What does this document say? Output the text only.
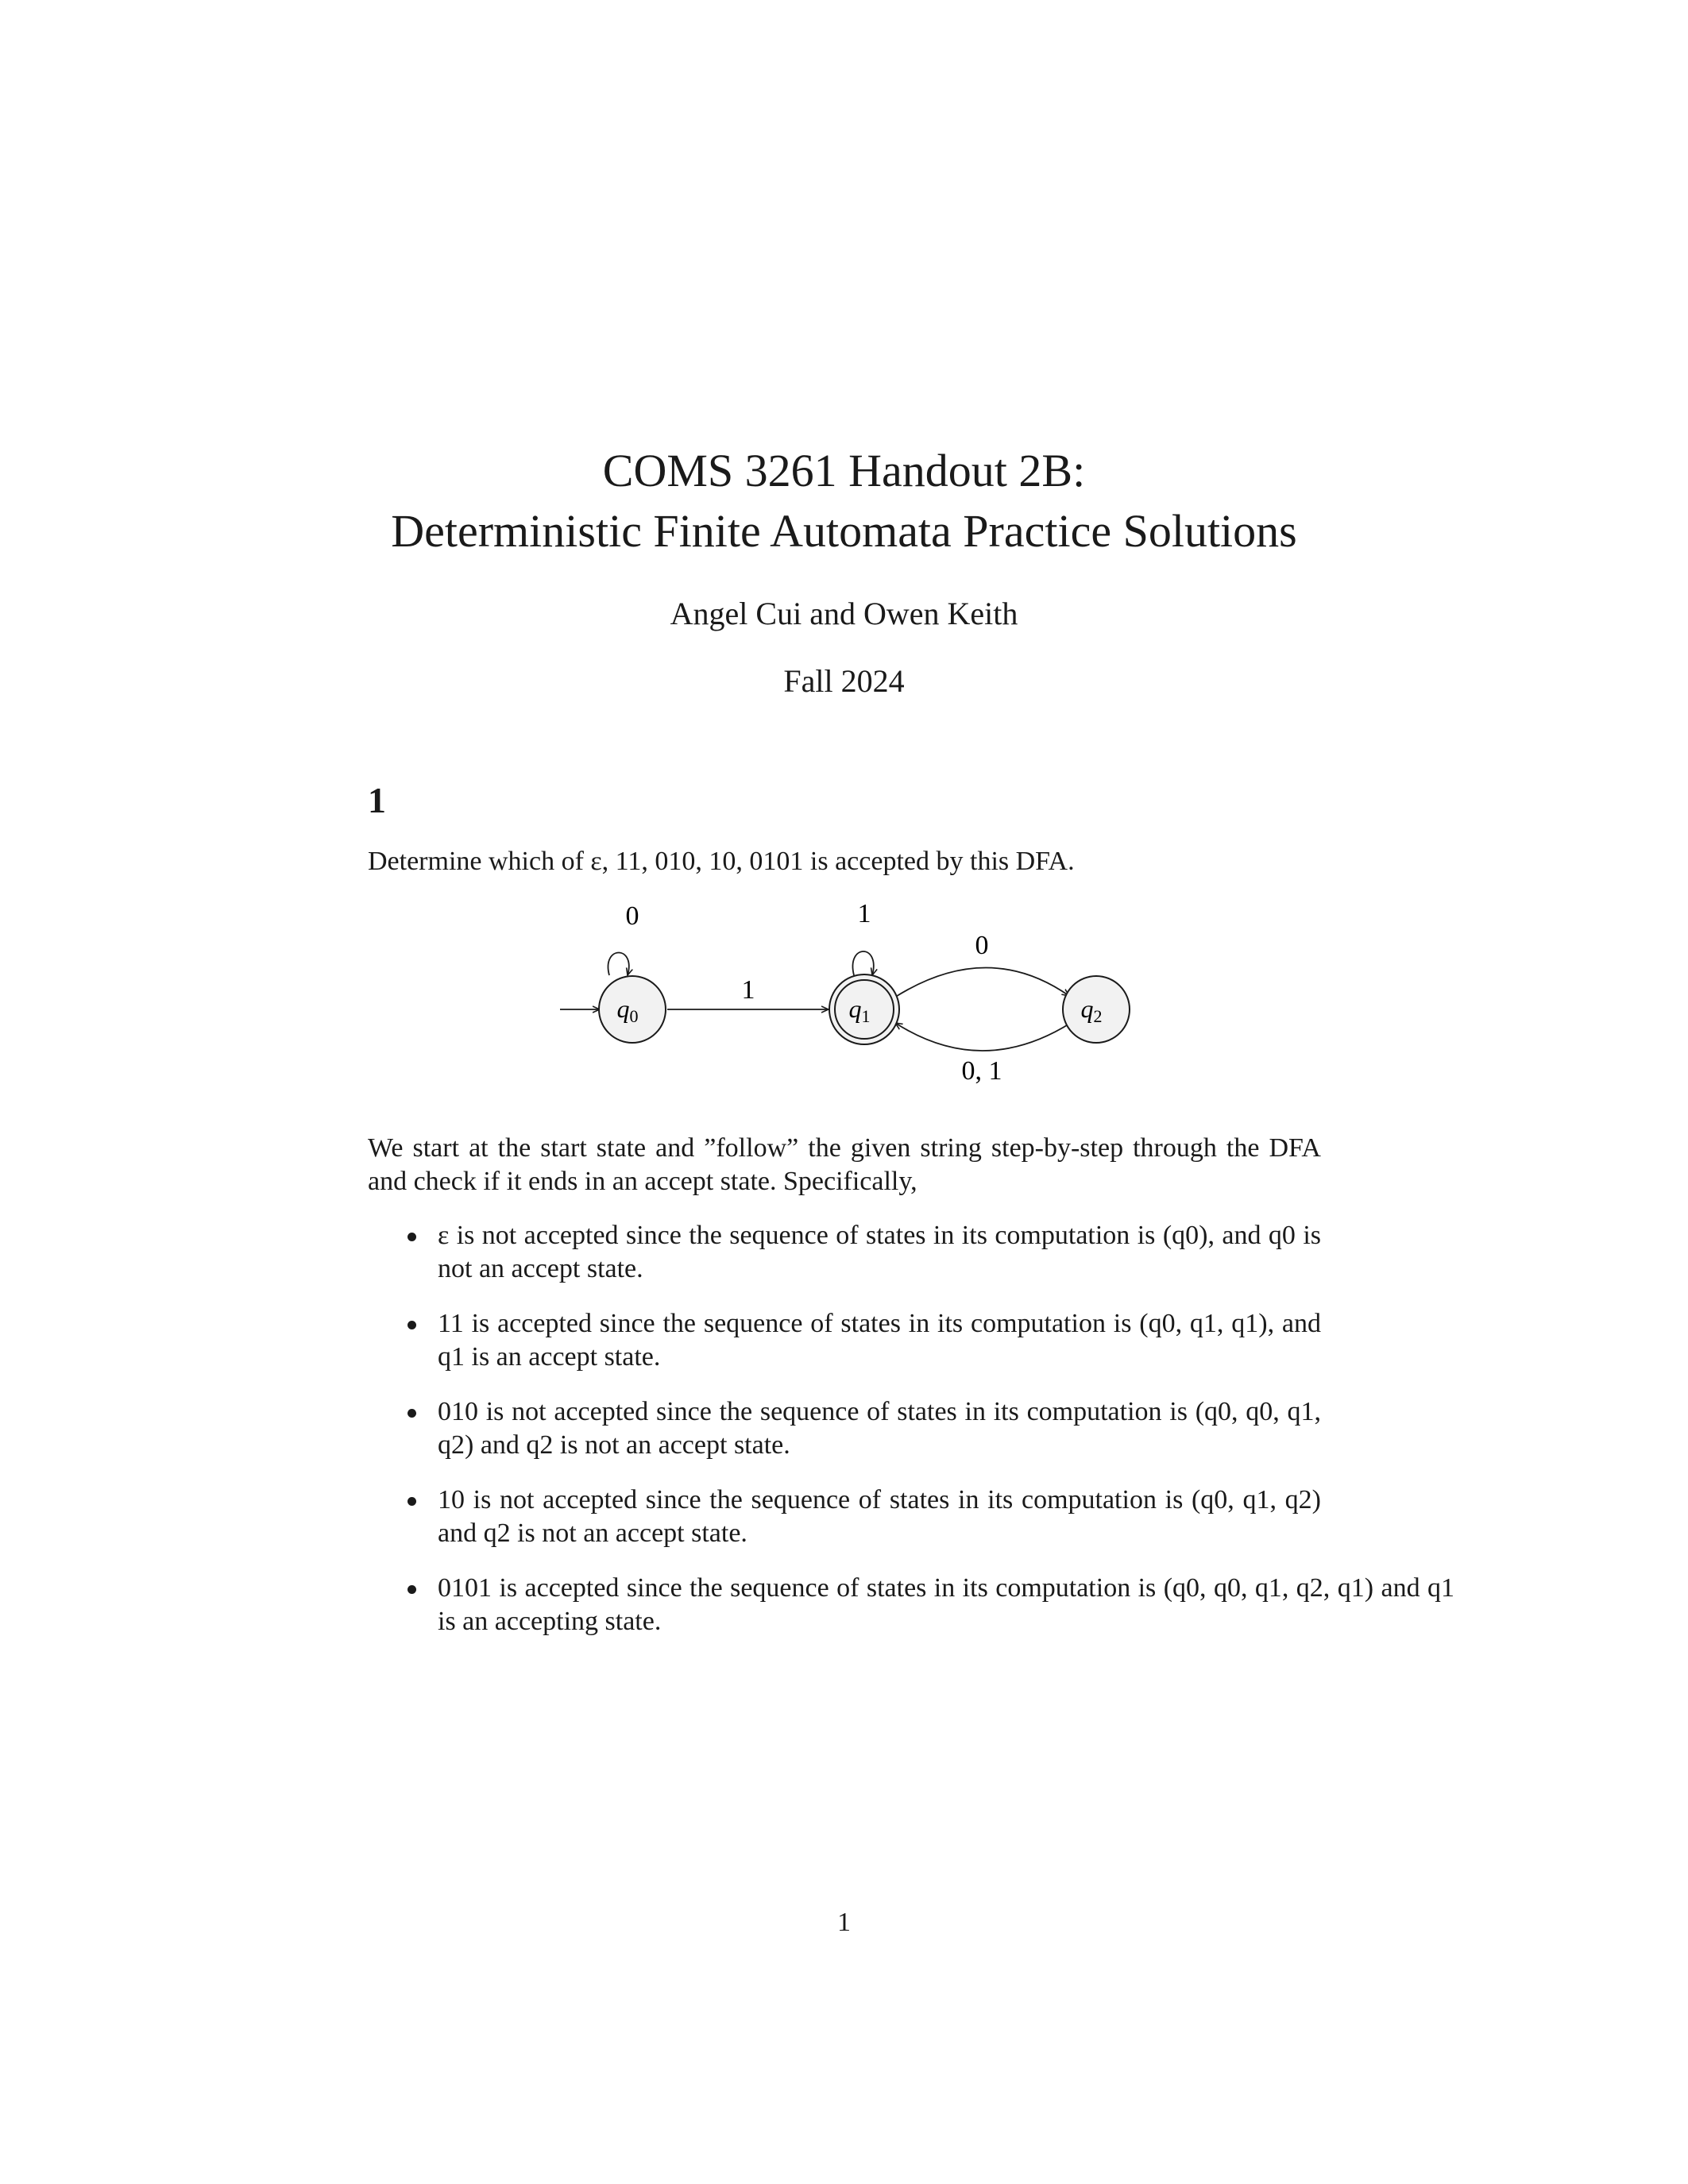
COMS 3261 Handout 2B:

Deterministic Finite Automata Practice Solutions

Angel Cui and Owen Keith
Fall 2024
1
Determine which of ε, 11, 010, 10, 0101 is accepted by this DFA.
0
1
1
0
0, 1
q0	q1	q2
We start at the start state and ”follow” the given string step-by-step through the DFA and check if it ends in an accept state. Specifically,
ε is not accepted since the sequence of states in its computation is (q0), and q0 is not an accept state.
11 is accepted since the sequence of states in its computation is (q0, q1, q1), and q1 is an accept state.
010 is not accepted since the sequence of states in its computation is (q0, q0, q1, q2) and q2 is not an accept state.
10 is not accepted since the sequence of states in its computation is (q0, q1, q2) and q2 is not an accept state.
0101 is accepted since the sequence of states in its computation is (q0, q0, q1, q2, q1) and q1 is an accepting state.
1
